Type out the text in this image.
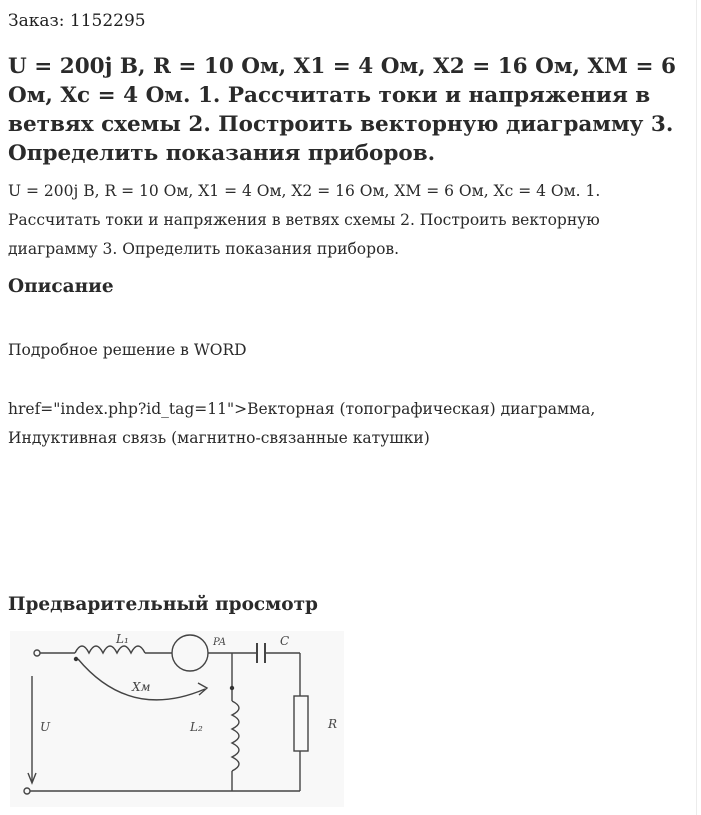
Заказ: 1152295
U = 200j В, R = 10 Ом, X1 = 4 Ом, X2 = 16 Ом, XM = 6 Ом, Xc = 4 Ом. 1. Рассчитать токи и напряжения в ветвях схемы 2. Построить векторную диаграмму 3. Определить показания приборов.

U = 200j В, R = 10 Ом, X1 = 4 Ом, X2 = 16 Ом, XM = 6 Ом, Xc = 4 Ом. 1. Рассчитать токи и напряжения в ветвях схемы 2. Построить векторную диаграмму 3. Определить показания приборов.

Описание

Подробное решение в WORD

href="index.php?id_tag=11">Векторная (топографическая) диаграмма, Индуктивная связь (магнитно-связанные катушки)

Предварительный просмотр
L₁	PA	C
Xм
L₂	R
U
